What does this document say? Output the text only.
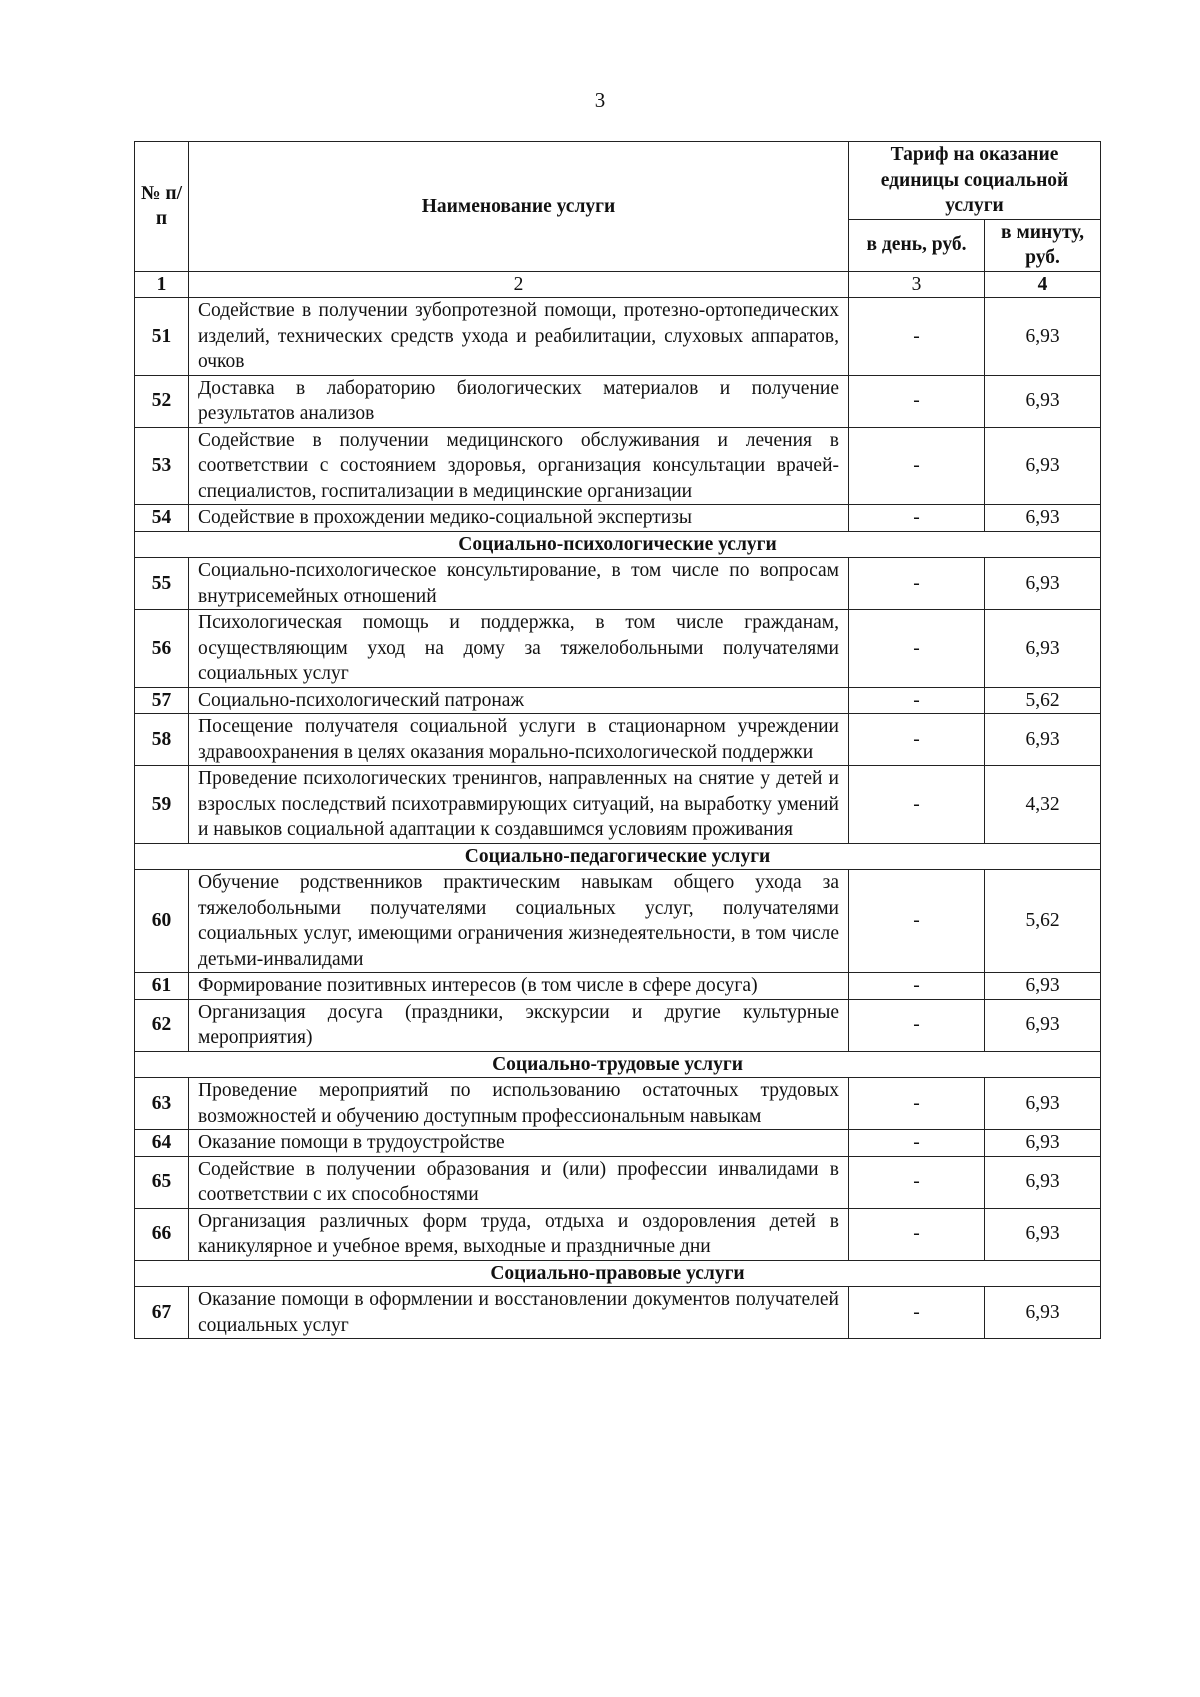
3
№ п/п	Наименование услуги	Тариф на оказание единицы социальной услуги	
		в день, руб.	в минуту, руб.
1	2	3	4
51	Содействие в получении зубопротезной помощи, протезно-ортопедических изделий, технических средств ухода и реабилитации, слуховых аппаратов, очков	-	6,93
52	Доставка в лабораторию биологических материалов и получение результатов анализов	-	6,93
53	Содействие в получении медицинского обслуживания и лечения в соответствии с состоянием здоровья, организация консультации врачей-специалистов, госпитализации в медицинские организации	-	6,93
54	Содействие в прохождении медико-социальной экспертизы	-	6,93
Социально-психологические услуги			
55	Социально-психологическое консультирование, в том числе по вопросам внутрисемейных отношений	-	6,93
56	Психологическая помощь и поддержка, в том числе гражданам, осуществляющим уход на дому за тяжелобольными получателями социальных услуг	-	6,93
57	Социально-психологический патронаж	-	5,62
58	Посещение получателя социальной услуги в стационарном учреждении здравоохранения в целях оказания морально-психологической поддержки	-	6,93
59	Проведение психологических тренингов, направленных на снятие у детей и взрослых последствий психотравмирующих ситуаций, на выработку умений и навыков социальной адаптации к создавшимся условиям проживания	-	4,32
Социально-педагогические услуги			
60	Обучение родственников практическим навыкам общего ухода за тяжелобольными получателями социальных услуг, получателями социальных услуг, имеющими ограничения жизнедеятельности, в том числе детьми-инвалидами	-	5,62
61	Формирование позитивных интересов (в том числе в сфере досуга)	-	6,93
62	Организация досуга (праздники, экскурсии и другие культурные мероприятия)	-	6,93
Социально-трудовые услуги			
63	Проведение мероприятий по использованию остаточных трудовых возможностей и обучению доступным профессиональным навыкам	-	6,93
64	Оказание помощи в трудоустройстве	-	6,93
65	Содействие в получении образования и (или) профессии инвалидами в соответствии с их способностями	-	6,93
66	Организация различных форм труда, отдыха и оздоровления детей в каникулярное и учебное время, выходные и праздничные дни	-	6,93
Социально-правовые услуги			
67	Оказание помощи в оформлении и восстановлении документов получателей социальных услуг	-	6,93
